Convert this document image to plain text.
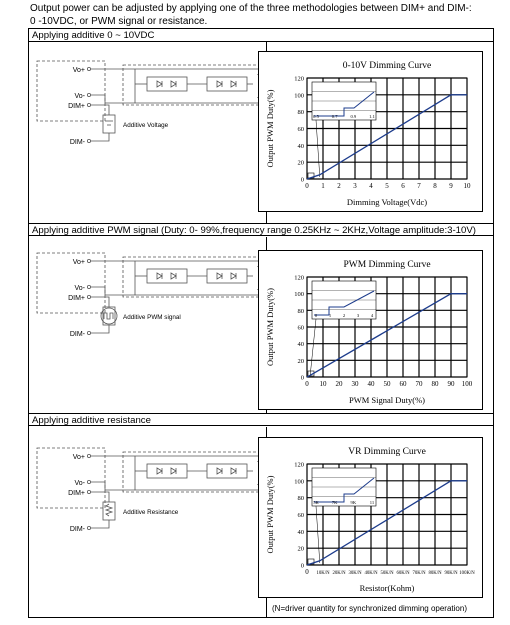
Output power can be adjusted by applying one of the three methodologies between DIM+ and DIM-:
0 -10VDC, or PWM signal or resistance.
Applying additive 0 ~ 10VDC
Applying additive PWM signal (Duty: 0- 99%,frequency range 0.25KHz ~ 2KHz,Voltage amplitude:3-10V)
Applying additive resistance
Vo+
Vo-
DIM+
DIM-
Additive Voltage
Vo+
Vo-
DIM+
DIM-
Additive PWM signal
Vo+
Vo-
DIM+
DIM-
Additive Resistance
0-10V Dimming Curve
0 1 2 3 4 5 6 7 8 9 10
0
20
40
60
80
100
120
0.5	0.7	0.9	1.1
Dimming Voltage(Vdc)
Output PWM Duty(%)
PWM Dimming Curve
0 10 20 30 40 50 60 70 80 90 100
0
20
40
60
80
100
120
0	1	2	3	4
PWM Signal Duty(%)
Output PWM Duty(%)
VR Dimming Curve
0 10K/N 20K/N 30K/N 40K/N 50K/N 60K/N 70K/N 80K/N 90K/N 100K/N
0
20
40
60
80
100
120
5K	7K	9K	11
Resistor(Kohm)
Output PWM Duty(%)
(N=driver quantity for synchronized dimming operation)
